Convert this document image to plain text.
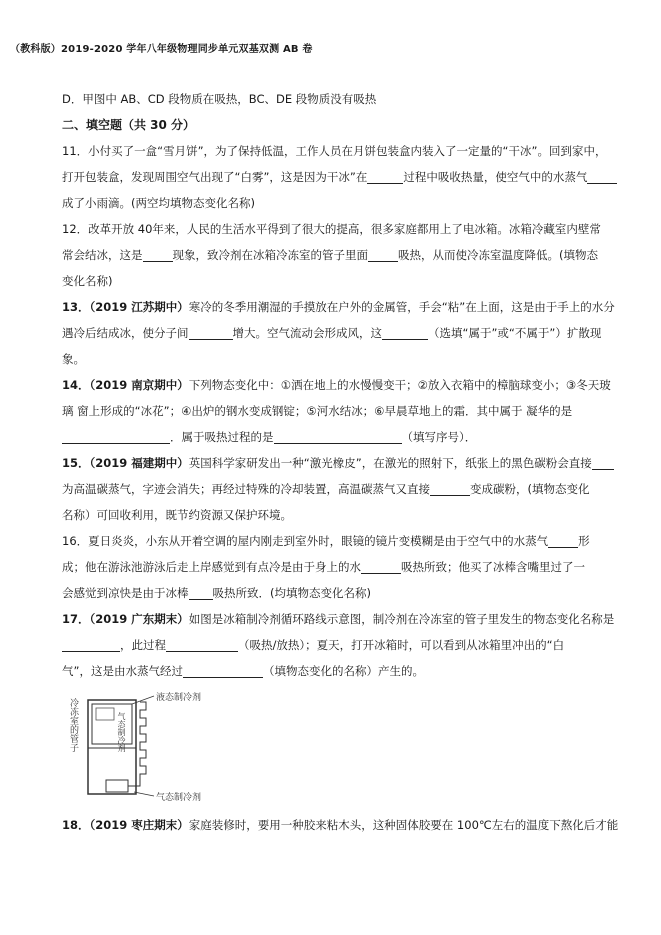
（教科版）2019-2020 学年八年级物理同步单元双基双测 AB 卷
D．甲图中 AB、CD 段物质在吸热，BC、DE 段物质没有吸热
二、填空题（共 30 分）
11．小付买了一盒“雪月饼”，为了保持低温，工作人员在月饼包装盒内装入了一定量的“干冰”。回到家中，
打开包装盒，发现周围空气出现了“白雾”，这是因为干冰”在	过程中吸收热量，使空气中的水蒸气
成了小雨滴。(两空均填物态变化名称)
12．改革开放 40年来，人民的生活水平得到了很大的提高，很多家庭都用上了电冰箱。冰箱冷藏室内壁常
常会结冰，这是	现象，致冷剂在冰箱冷冻室的管子里面	吸热，从而使冷冻室温度降低。(填物态
变化名称)
13．（2019 江苏期中）寒冷的冬季用潮湿的手摸放在户外的金属管，手会“粘”在上面，这是由于手上的水分
遇冷后结成冰，使分子间	增大。空气流动会形成风，这	（选填“属于”或“不属于”）扩散现
象。
14．（2019 南京期中）下列物态变化中：①洒在地上的水慢慢变干；②放入衣箱中的樟脑球变小；③冬天玻
璃 窗上形成的“冰花”；④出炉的钢水变成钢锭；⑤河水结冰；⑥早晨草地上的霜．其中属于 凝华的是
．属于吸热过程的是	（填写序号）．
15．（2019 福建期中）英国科学家研发出一种“激光橡皮”，在激光的照射下，纸张上的黑色碳粉会直接
为高温碳蒸气，字迹会消失；再经过特殊的冷却装置，高温碳蒸气又直接	变成碳粉，(填物态变化
名称）可回收利用，既节约资源又保护环境。
16．夏日炎炎，小东从开着空调的屋内刚走到室外时，眼镜的镜片变模糊是由于空气中的水蒸气	形
成；他在游泳池游泳后走上岸感觉到有点冷是由于身上的水	吸热所致；他买了冰棒含嘴里过了一
会感觉到凉快是由于冰棒 吸热所致．(均填物态变化名称)
17．（2019 广东期末）如图是冰箱制冷剂循环路线示意图，制冷剂在冷冻室的管子里发生的物态变化名称是
，此过程	（吸热/放热）；夏天，打开冰箱时，可以看到从冰箱里冲出的“白
气”，这是由水蒸气经过	（填物态变化的名称）产生的。
液态制冷剂
气态制冷剂
气态制冷剂
冷冻室的管子
18．（2019 枣庄期末）家庭装修时，要用一种胶来粘木头，这种固体胶要在 100℃左右的温度下熬化后才能
